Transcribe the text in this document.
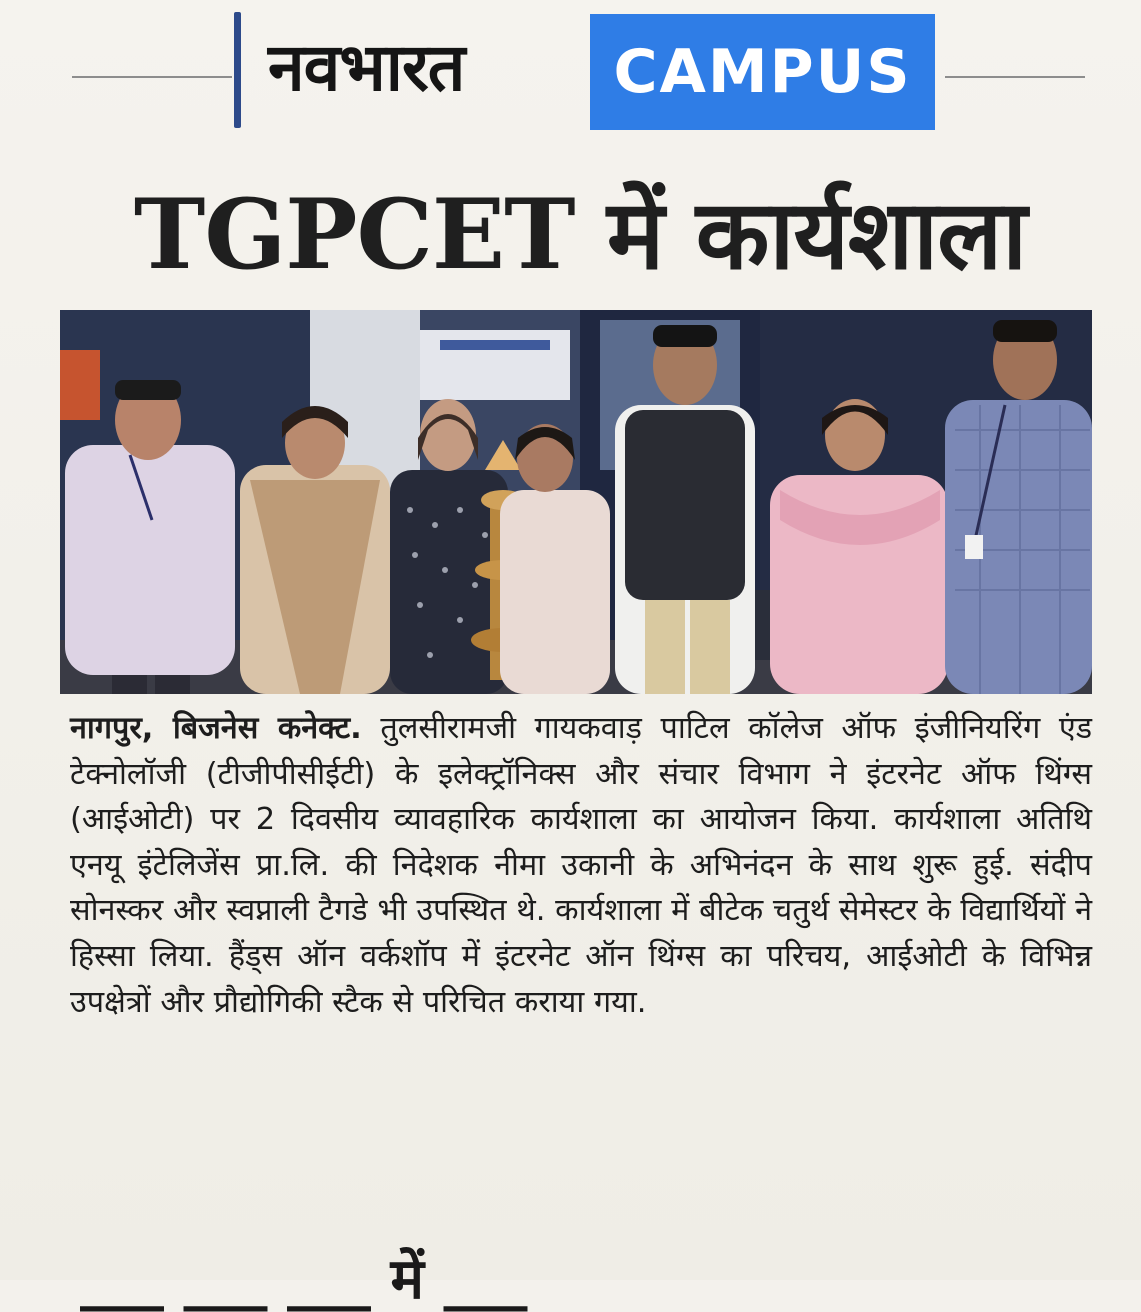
नवभारत CAMPUS
TGPCET में कार्यशाला
नागपुर, बिजनेस कनेक्ट. तुलसीरामजी गायकवाड़ पाटिल कॉलेज ऑफ इंजीनियरिंग एंड टेक्नोलॉजी (टीजीपीसीईटी) के इलेक्ट्रॉनिक्स और संचार विभाग ने इंटरनेट ऑफ थिंग्स (आईओटी) पर 2 दिवसीय व्यावहारिक कार्यशाला का आयोजन किया. कार्यशाला अतिथि एनयू इंटेलिजेंस प्रा.लि. की निदेशक नीमा उकानी के अभिनंदन के साथ शुरू हुई. संदीप सोनस्कर और स्वप्नाली टैगडे भी उपस्थित थे. कार्यशाला में बीटेक चतुर्थ सेमेस्टर के विद्यार्थियों ने हिस्सा लिया. हैंड्स ऑन वर्कशॉप में इंटरनेट ऑन थिंग्स का परिचय, आईओटी के विभिन्न उपक्षेत्रों और प्रौद्योगिकी स्टैक से परिचित कराया गया.
___ ___ ___ में ___
